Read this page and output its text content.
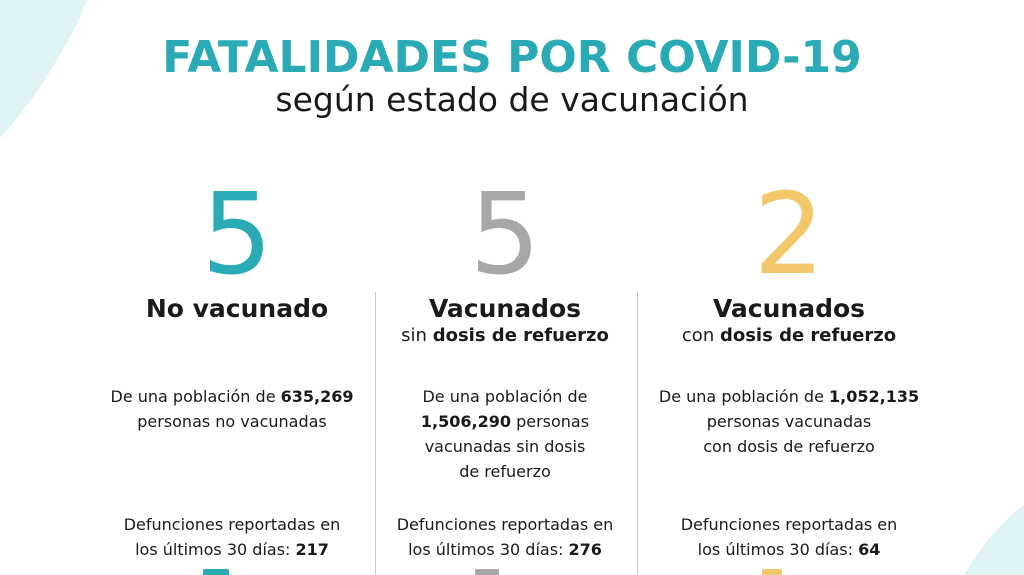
FATALIDADES POR COVID-19
según estado de vacunación
5
No vacunado
De una población de 635,269
personas no vacunadas
Defunciones reportadas en
los últimos 30 días: 217
5
Vacunados
sin dosis de refuerzo
De una población de
1,506,290 personas
vacunadas sin dosis
de refuerzo
Defunciones reportadas en
los últimos 30 días: 276
2
Vacunados
con dosis de refuerzo
De una población de 1,052,135
personas vacunadas
con dosis de refuerzo
Defunciones reportadas en
los últimos 30 días: 64
